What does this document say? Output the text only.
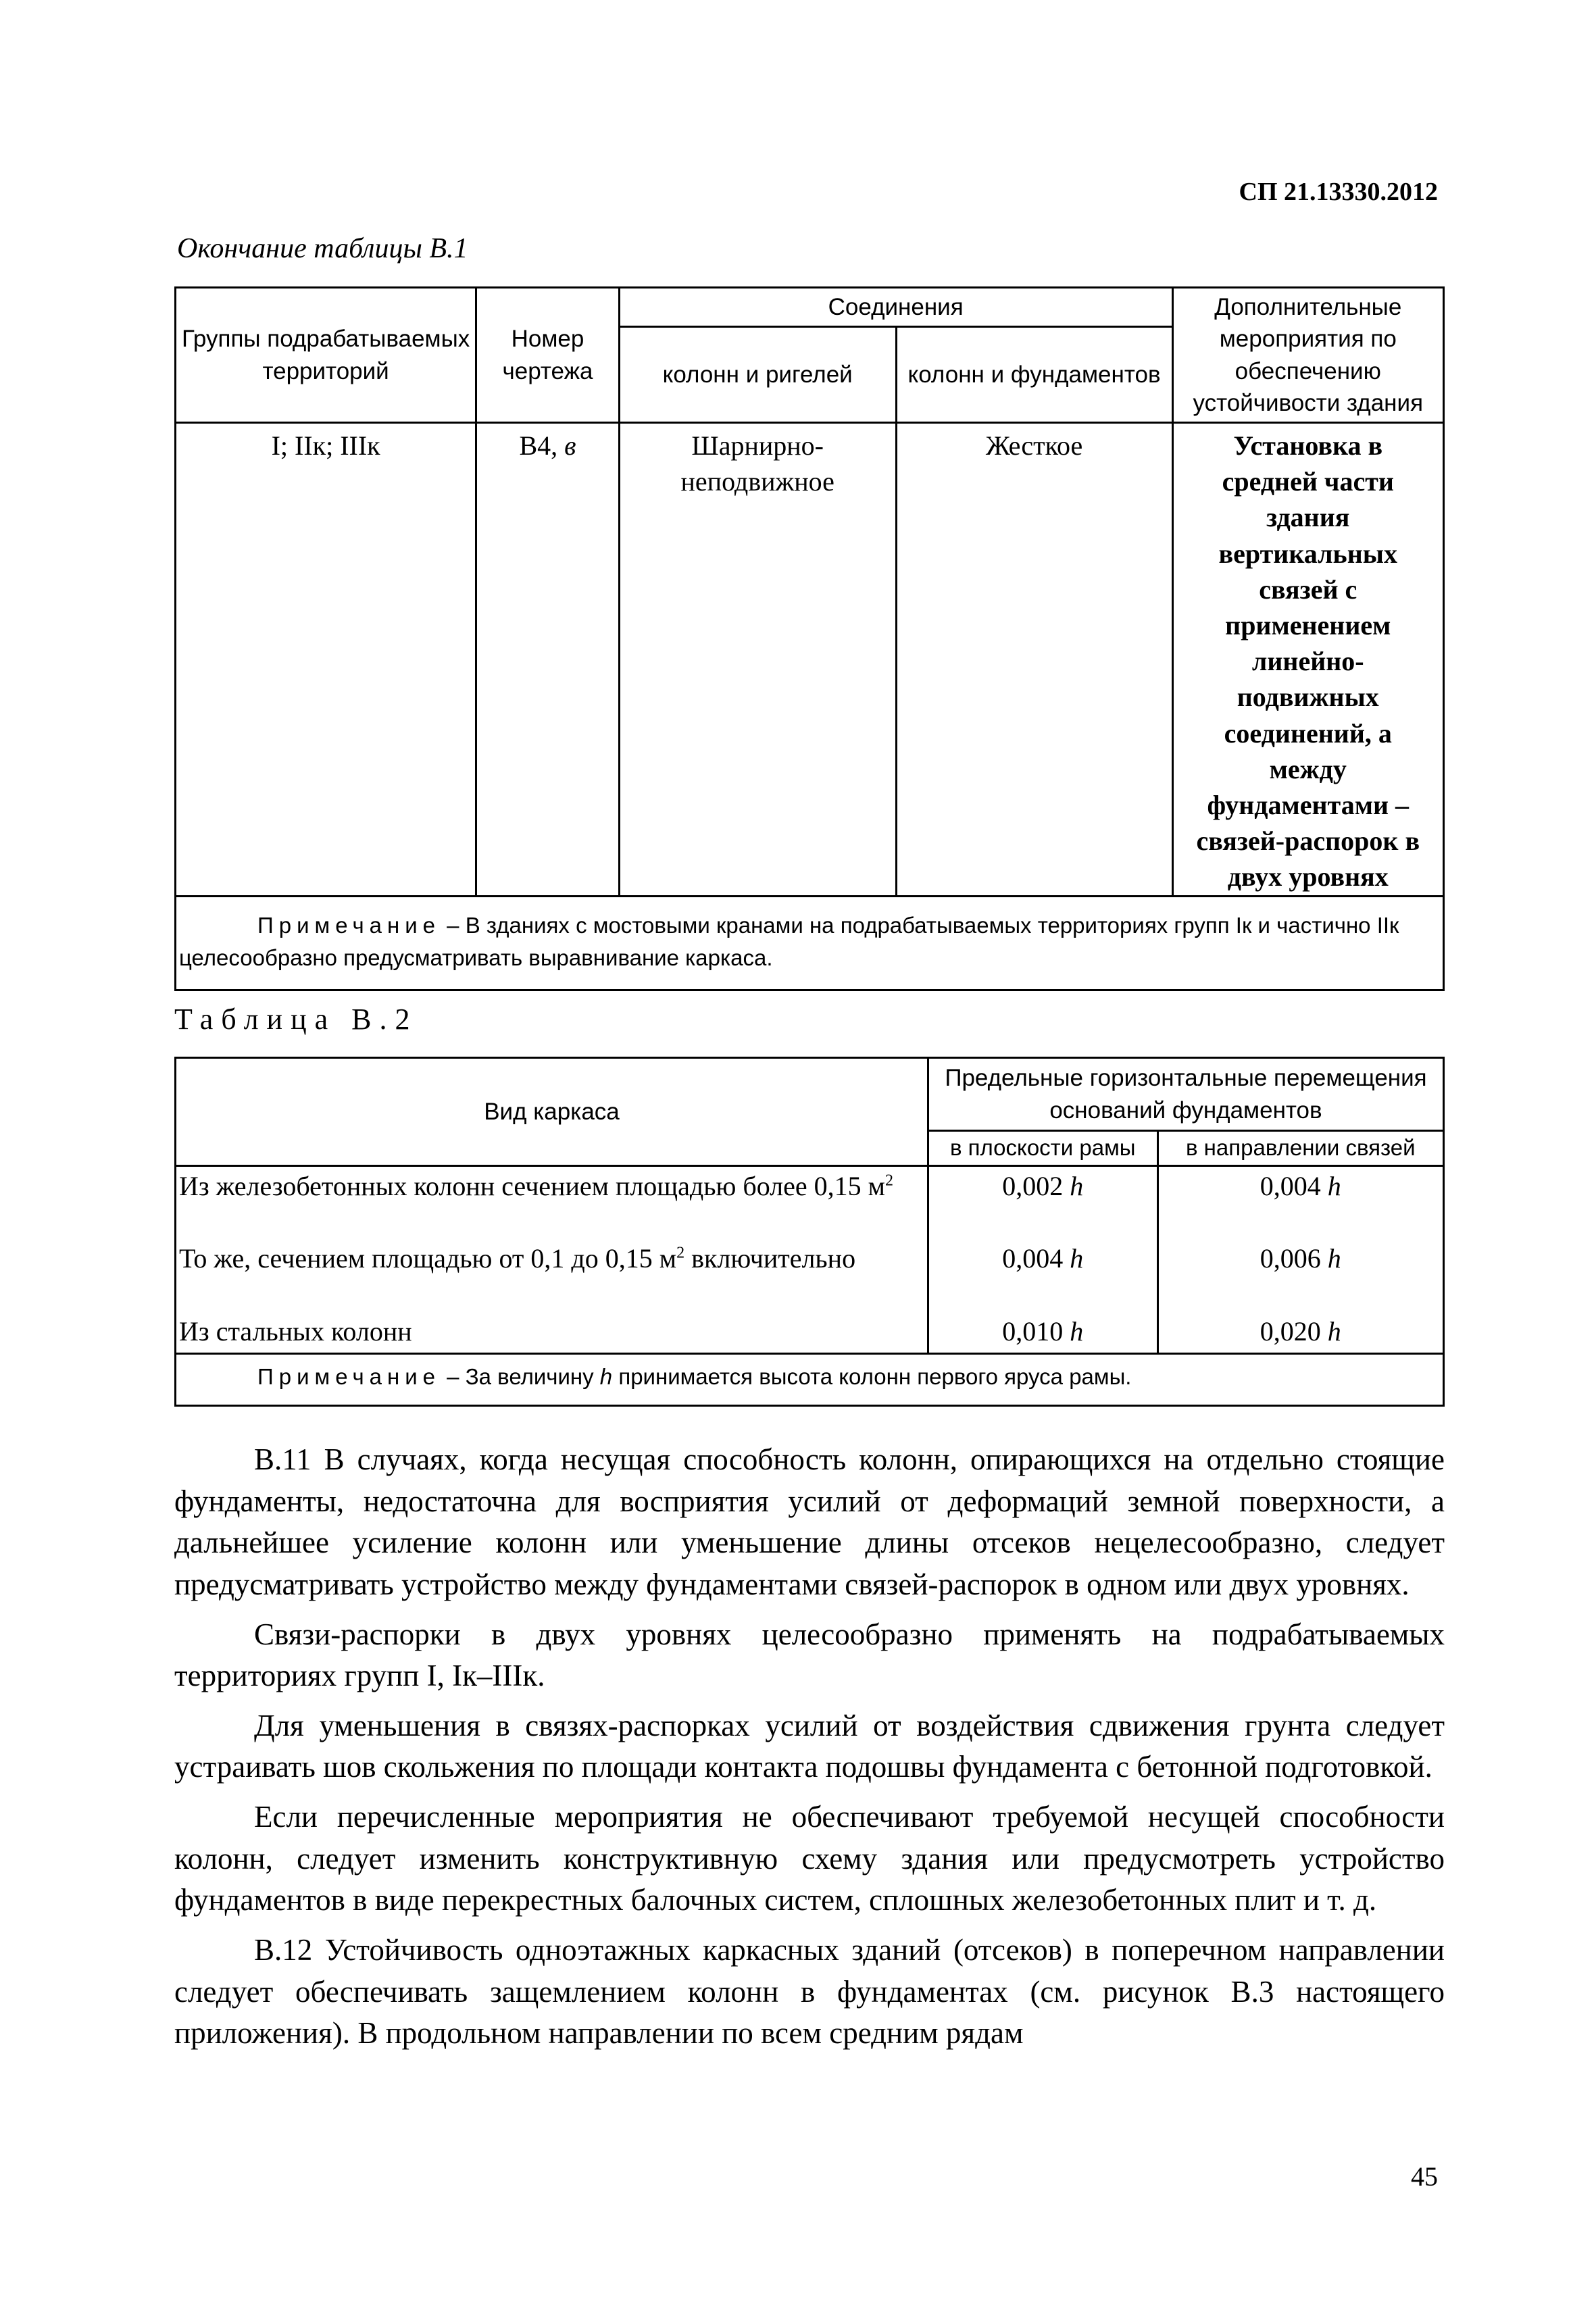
СП 21.13330.2012
Окончание таблицы В.1
Группы подрабатываемых территорий	Номер чертежа	Соединения		Дополнительные мероприятия по обеспечению устойчивости здания
		колонн и ригелей	колонн и фундаментов	
I; IIк; IIIк	В4, в	Шарнирно-неподвижное	Жесткое	Установка в средней части здания вертикальных связей с применением линейно-подвижных соединений, а между фундаментами – связей-распорок в двух уровнях
Примечание – В зданиях с мостовыми кранами на подрабатываемых территориях групп Iк и частично IIк целесообразно предусматривать выравнивание каркаса.				
Таблица В.2
Вид каркаса	Предельные горизонтальные перемещения оснований фундаментов	
	в плоскости рамы	в направлении связей
Из железобетонных колонн сечением площадью более 0,15 $м^2$	0,002 h	0,004 h
То же, сечением площадью от 0,1 до 0,15 $м^2$ включительно	0,004 h	0,006 h
Из стальных колонн	0,010 h	0,020 h
Примечание – За величину h принимается высота колонн первого яруса рамы.		

В.11 В случаях, когда несущая способность колонн, опирающихся на отдельно стоящие фундаменты, недостаточна для восприятия усилий от деформаций земной поверхности, а дальнейшее усиление колонн или уменьшение длины отсеков нецелесообразно, следует предусматривать устройство между фундаментами связей-распорок в одном или двух уровнях.

Связи-распорки в двух уровнях целесообразно применять на подрабатываемых территориях групп I, Iк–IIIк.

Для уменьшения в связях-распорках усилий от воздействия сдвижения грунта следует устраивать шов скольжения по площади контакта подошвы фундамента с бетонной подготовкой.

Если перечисленные мероприятия не обеспечивают требуемой несущей способности колонн, следует изменить конструктивную схему здания или предусмотреть устройство фундаментов в виде перекрестных балочных систем, сплошных железобетонных плит и т. д.

В.12 Устойчивость одноэтажных каркасных зданий (отсеков) в поперечном направлении следует обеспечивать защемлением колонн в фундаментах (см. рисунок В.3 настоящего приложения). В продольном направлении по всем средним рядам

45
